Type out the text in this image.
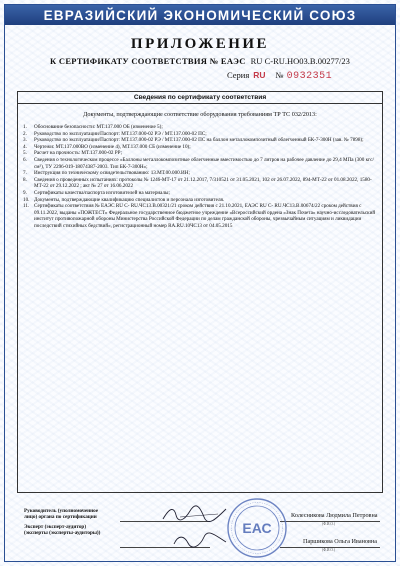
ЕВРАЗИЙСКИЙ ЭКОНОМИЧЕСКИЙ СОЮЗ
ПРИЛОЖЕНИЕ
К СЕРТИФИКАТУ СООТВЕТСТВИЯ № ЕАЭС RU C-RU.НО03.В.00277/23
Серия RU № 0932351
Сведения по сертификату соответствия
Документы, подтверждающие соответствие оборудования требованиям ТР ТС 032/2013:
1.	Обоснование безопасности: МТ.137.000 ОБ (изменение 5);
2.	Руководство по эксплуатации/Паспорт: МТ.137.000-02 РЭ / МТ.137.000-02 ПС;
3.	Руководство по эксплуатации/Паспорт: МТ.137.000-02 РЭ / МТ.137.000-02 ПС на баллон металлокомпозитный облегченный БК-7-300Н (зав. № 7898);
4.	Чертежи: МТ.137.000ВО (изменение 4), МТ.137.000 СБ (изменение 10);
5.	Расчет на прочность: МТ.137.000-02 РР;
6.	Сведения о технологическом процессе «Баллоны металлокомпозитные облегченные вместимостью до 7 литров на рабочее давление до 29,4 МПа (300 кгс/см²), ТУ 2296-019-18074387-2003. Тип БК-7-300Н»;
7.	Инструкция по техническому освидетельствованию: 13.МТ.00.000.ИН;
8.	Сведения о проведенных испытаниях: протоколы № 1246-МТ-17 от 21.12.2017, 7/310521 от 31.05.2021, 102 от 26.07.2022, 894-МТ-22 от 01.08.2022, 1580-МТ-22 от 29.12.2022 ; акт № 27 от 16.06.2022
9.	Сертификаты качества/паспорта изготовителей на материалы;
10. Документы, подтверждающие квалификацию специалистов и персонала изготовителя.
11. Сертификаты соответствия № ЕАЭС RU C- RU.ЧС13.В.00321/21 сроком действия с 21.10.2021, ЕАЭС RU C- RU.ЧС13.В.00674/22 сроком действия с 09.11.2022, выданы «ПОЖТЕСТ» Федеральное государственное бюджетное учреждение «Всероссийский ордена «Знак Почета» научно-исследовательский институт противопожарной обороны Министерства Российской Федерации по делам гражданской обороны, чрезвычайным ситуациям и ликвидации последствий стихийных бедствий», регистрационный номер RA.RU.10ЧС13 от 04.05.2015
Руководитель (уполномоченное
лицо) органа по сертификации
Эксперт (эксперт-аудитор)
(эксперты (эксперты-аудиторы))
Колесникова Людмила Петровна
(Ф.И.О.)
Паршикова Ольга Ивановна
(Ф.И.О.)
ЕАС
